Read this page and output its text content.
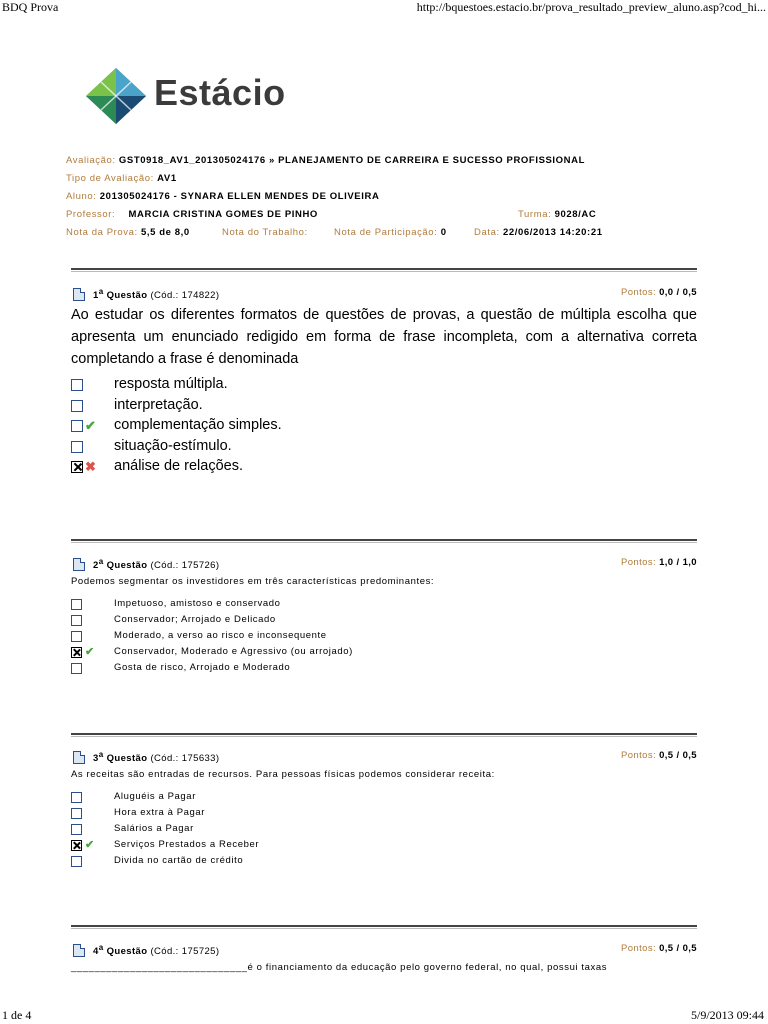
BDQ Prova	http://bquestoes.estacio.br/prova_resultado_preview_aluno.asp?cod_hi...
Estácio
Avaliação: GST0918_AV1_201305024176 » PLANEJAMENTO DE CARREIRA E SUCESSO PROFISSIONAL
Tipo de Avaliação: AV1
Aluno: 201305024176 - SYNARA ELLEN MENDES DE OLIVEIRA
Professor: MARCIA CRISTINA GOMES DE PINHO	Turma: 9028/AC
Nota da Prova: 5,5 de 8,0	Nota do Trabalho:	Nota de Participação: 0	Data: 22/06/2013 14:20:21
1$^a$ Questão (Cód.: 174822)	Pontos: 0,0 / 0,5
Ao estudar os diferentes formatos de questões de provas, a questão de múltipla escolha que apresenta um enunciado redigido em forma de frase incompleta, com a alternativa correta completando a frase é denominada
resposta múltipla.
interpretação.
✔ complementação simples.
situação-estímulo.
✖ análise de relações.
2$^a$ Questão (Cód.: 175726)	Pontos: 1,0 / 1,0
Podemos segmentar os investidores em três características predominantes:
Impetuoso, amistoso e conservado
Conservador; Arrojado e Delicado
Moderado, a verso ao risco e inconsequente
✔ Conservador, Moderado e Agressivo (ou arrojado)
Gosta de risco, Arrojado e Moderado
3$^a$ Questão (Cód.: 175633)	Pontos: 0,5 / 0,5
As receitas são entradas de recursos. Para pessoas físicas podemos considerar receita:
Aluguéis a Pagar
Hora extra à Pagar
Salários a Pagar
✔ Serviços Prestados a Receber
Divida no cartão de crédito
4$^a$ Questão (Cód.: 175725)	Pontos: 0,5 / 0,5
______________________________é o financiamento da educação pelo governo federal, no qual, possui taxas
1 de 4	5/9/2013 09:44
